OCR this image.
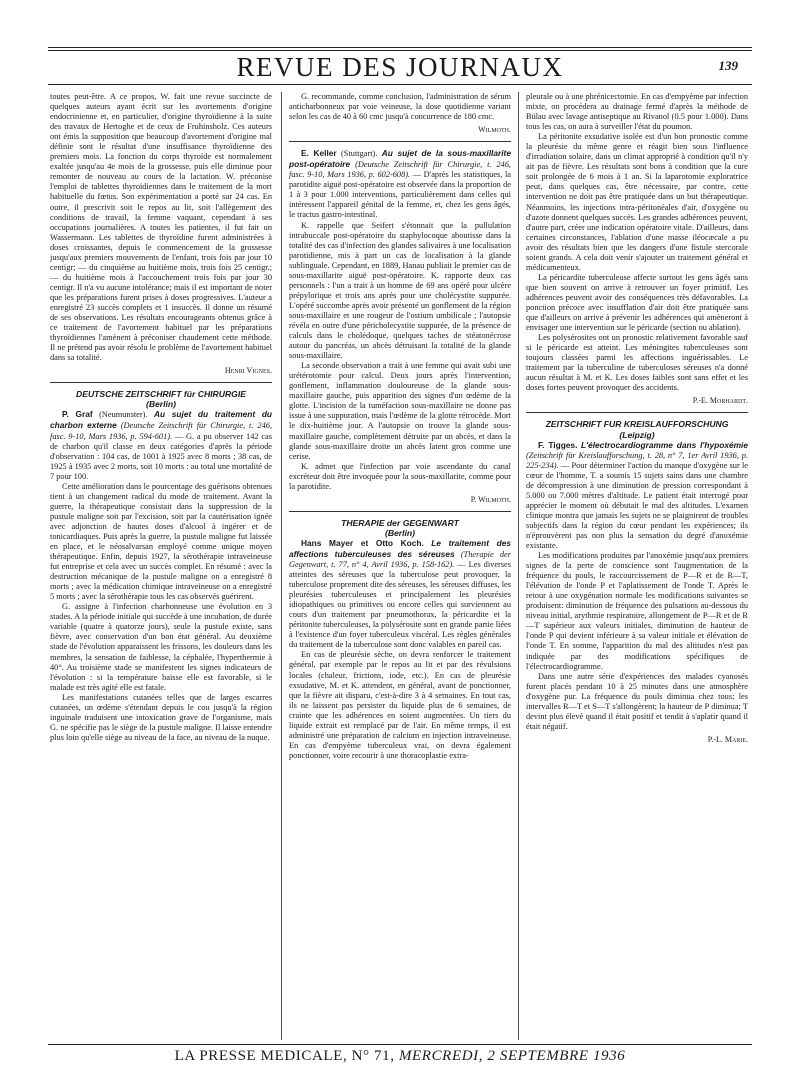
REVUE DES JOURNAUX	139

toutes peut-être. A ce propos, W. fait une revue succincte de quelques auteurs ayant écrit sur les avortements d'origine endocrinienne et, en particulier, d'origine thyroïdienne à la suite des travaux de Hertoghe et de ceux de Fruhinsholz. Ces auteurs ont émis la supposition que beaucoup d'avortement d'origine mal définie sont le résultat d'une insuffisance thyroïdienne des premiers mois. La fonction du corps thyroïde est normalement exaltée jusqu'au 4e mois de la grossesse, puis elle diminue pour remonter de nouveau au cours de la lactation. W. préconise l'emploi de tablettes thyroïdiennes dans le traitement de la mort habituelle du fœtus. Son expérimentation a porté sur 24 cas. En outre, il prescrivit soit le repos au lit, soit l'allègement des conditions de travail, la femme vaquant, cependant à ses occupations journalières. A toutes les patientes, il fut fait un Wassermann. Les tablettes de thyroïdine furent administrées à doses croissantes, depuis le commencement de la grossesse jusqu'aux premiers mouvements de l'enfant, trois fois par jour 10 centigr; — du cinquième au huitième mois, trois fois 25 centigr.; — du huitième mois à l'accouchement trois fois par jour 30 centigr. Il n'a vu aucune intolérance; mais il est important de noter que les préparations furent prises à doses progressives. L'auteur a enregistré 23 succès complets et 1 insuccès. Il donne un résumé de ses observations. Les résultats encourageants obtenus grâce à ce traitement de l'avortement habituel par les préparations thyroïdiennes l'amènent à préconiser chaudement cette méthode. Il ne prétend pas avoir résolu le problème de l'avortement habituel dans sa totalité.

Henri Vignes.

DEUTSCHE ZEITSCHRIFT für CHIRURGIE

(Berlin)

P. Graf (Neumunster). Au sujet du traitement du charbon externe (Deutsche Zeitschrift für Chirurgie, t. 246, fasc. 9-10, Mars 1936, p. 594-601). — G. a pu observer 142 cas de charbon qu'il classe en deux catégories d'après la période d'observation : 104 cas, de 1001 à 1925 avec 8 morts ; 38 cas, de 1925 à 1935 avec 2 morts, soit 10 morts : au total une mortalité de 7 pour 100.

Cette amélioration dans le pourcentage des guérisons obtenues tient à un changement radical du mode de traitement. Avant la guerre, la thérapeutique consistait dans la suppression de la pustule maligne soit par l'excision, soit par la cautérisation ignée avec adjonction de hautes doses d'alcool à ingérer et de tonicardiaques. Puis après la guerre, la pustule maligne fut laissée en place, et le néosalvarsan employé comme unique moyen thérapeutique. Enfin, depuis 1927, la sérothérapie intraveineuse fut entreprise et cela avec un succès complet. En résumé : avec la destruction mécanique de la pustule maligne on a enregistré 8 morts ; avec la médication chimique intraveineuse on a enregistré 5 morts ; avec la sérothérapie tous les cas observés guérirent.

G. assigne à l'infection charbonneuse une évolution en 3 stades. A la période initiale qui succède à une incubation, de durée variable (quatre à quatorze jours), seule la pustule existe, sans fièvre, avec conservation d'un bon état général. Au deuxième stade de l'évolution apparaissent les frissons, les douleurs dans les membres, la sensation de faiblesse, la céphalée, l'hyperthermie à 40°. Au troisième stade se manifestent les signes indicateurs de l'évolution : si la température baisse elle est favorable, si le malade est très agité elle est fatale.

Les manifestations cutanées telles que de larges escarres cutanées, un œdème s'étendant depuis le cou jusqu'à la région inguinale traduisent une intoxication grave de l'organisme, mais G. ne spécifie pas le siège de la pustule maligne. Il laisse entendre plus loin qu'elle siège au niveau de la face, au niveau de la nuque.

G. recommande, comme conclusion, l'administration de sérum anticharbonneux par voie veineuse, la dose quotidienne variant selon les cas de 40 à 60 cmc jusqu'à concurrence de 180 cmc.

Wilmoth.

E. Keller (Stuttgart). Au sujet de la sous-maxillarite post-opératoire (Deutsche Zeitschrift für Chirurgie, t. 246, fasc. 9-10, Mars 1936, p. 602-608). — D'après les statistiques, la parotidite aiguë post-opératoire est observée dans la proportion de 1 à 3 pour 1.000 interventions, particulièrement dans celles qui intéressent l'appareil génital de la femme, et, chez les gens âgés, le tractus gastro-intestinal.

K. rappelle que Seifert s'étonnait que la pullulation intrabuccale post-opératoire du staphylocoque aboutisse dans la totalité des cas d'infection des glandes salivaires à une localisation parotidienne, mis à part un cas de localisation à la glande sublinguale. Cependant, en 1889, Hanau publiait le premier cas de sous-maxillarite aiguë post-opératoire. K. rapporte deux cas personnels : l'un a trait à un homme de 69 ans opéré pour ulcère prépylorique et trois ans après pour une cholécystite suppurée. L'opéré succombe après avoir présenté un gonflement de la région sous-maxillaire et une rougeur de l'ostium umbilicale ; l'autopsie révéla en outre d'une péricholecystite suppurée, de la présence de calculs dans le cholédoque, quelques taches de stéatonécrose autour du pancréas, un abcès détruisant la totalité de la glande sous-maxillaire.

La seconde observation a trait à une femme qui avait subi une urétérotomie pour calcul. Deux jours après l'intervention, gonflement, inflammation douloureuse de la glande sous-maxillaire gauche, puis apparition des signes d'un œdème de la glotte. L'incision de la tuméfaction sous-maxillaire ne donne pas issue à une suppuration, mais l'œdème de la glotte rétrocède. Mort le dix-huitième jour. A l'autopsie on trouve la glande sous-maxillaire gauche, complètement détruite par un abcès, et dans la glande sous-maxillaire droite un abcès latent gros comme une cerise.

K. admet que l'infection par voie ascendante du canal excréteur doit être invoquée pour la sous-maxillarite, comme pour la parotidite.

P. Wilmoth.

THERAPIE der GEGENWART

(Berlin)

Hans Mayer et Otto Koch. Le traitement des affections tuberculeuses des séreuses (Therapie der Gegenwart, t. 77, n° 4, Avril 1936, p. 158-162). — Les diverses atteintes des séreuses que la tuberculose peut provoquer, la tuberculose proprement dite des séreuses, les séreuses diffuses, les pleurésies tuberculeuses et principalement les pleurésies idiopathiques ou primitives ou encore celles qui surviennent au cours d'un traitement par pneumothorax, la péricardite et la péritonite tuberculeuses, la polysérosite sont en grande partie liées à l'existence d'un foyer tuberculeux viscéral. Les règles générales du traitement de la tuberculose sont donc valables en pareil cas.

En cas de pleurésie sèche, on devra renforcer le traitement général, par exemple par le repos au lit et par des révulsions locales (chaleur, frictions, iode, etc.). En cas de pleurésie exsudative, M. et K. attendent, en général, avant de ponctionner, que la fièvre ait disparu, c'est-à-dire 3 à 4 semaines. En tout cas, ils ne laissent pas persister du liquide plus de 6 semaines, de crainte que les adhérences en soient augmentées. Un tiers du liquide extrait est remplacé par de l'air. En même temps, il est administré une préparation de calcium en injection intraveineuse. En cas d'empyème tuberculeux vrai, on devra également ponctionner, voire recourir à une thoracoplastie extra-

pleurale ou à une phrénicectomie. En cas d'empyème par infection mixte, on procédera au drainage fermé d'après la méthode de Bülau avec lavage antiseptique au Rivanol (0.5 pour 1.000). Dans tous les cas, on aura à surveiller l'état du poumon.

La péritonite exsudative isolée est d'un bon pronostic comme la pleurésie du même genre et réagit bien sous l'influence d'irradiation solaire, dans un climat approprié à condition qu'il n'y ait pas de fièvre. Les résultats sont bons à condition que la cure soit prolongée de 6 mois à 1 an. Si la laparotomie exploratrice peut, dans quelques cas, être nécessaire, par contre, cette intervention ne doit pas être pratiquée dans un but thérapeutique. Néanmoins, les injections intra-péritonéales d'air, d'oxygène ou d'azote donnent quelques succès. Les grandes adhérences peuvent, d'autre part, créer une indication opératoire vitale. D'ailleurs, dans certaines circonstances, l'ablation d'une masse iléocæcale a pu avoir des résultats bien que les dangers d'une fistule stercorale soient grands. A cela doit venir s'ajouter un traitement général et médicamenteux.

La péricardite tuberculeuse affecte surtout les gens âgés sans que bien souvent on arrive à retrouver un foyer primitif. Les adhérences peuvent avoir des conséquences très défavorables. La ponction précoce avec insufflation d'air doit être pratiquée sans que d'ailleurs on arrive à prévenir les adhérences qui amèneront à envisager une intervention sur le péricarde (section ou ablation).

Les polysérosites ont un pronostic relativement favorable sauf si le péricarde est atteint. Les méningites tuberculeuses sont toujours classées parmi les affections inguérissables. Le traitement par la tuberculine de tuberculoses séreuses n'a donné aucun résultat à M. et K. Les doses faibles sont sans effet et les doses fortes peuvent provoquer des accidents.

P.-E. Morhardt.

ZEITSCHRIFT FUR KREISLAUFFORSCHUNG

(Leipzig)

F. Tigges. L'électrocardiogramme dans l'hypoxémie (Zeitschrift für Kreislaufforschung, t. 28, n° 7, 1er Avril 1936, p. 225-234). — Pour déterminer l'action du manque d'oxygène sur le cœur de l'homme, T. a soumis 15 sujets sains dans une chambre de décompression à une diminution de pression correspondant à 5.000 ou 7.000 mètres d'altitude. Le patient était interrogé pour apprécier le moment où débutait le mal des altitudes. L'examen clinique montra que jamais les sujets ne se plaignirent de troubles subjectifs dans la région du cœur pendant les expériences; ils n'éprouvèrent pas non plus la sensation du degré d'anoxémie existante.

Les modifications produites par l'anoxémie jusqu'aux premiers signes de la perte de conscience sont l'augmentation de la fréquence du pouls, le raccourcissement de P—R et de R—T, l'élévation de l'onde P et l'aplatissement de l'onde T. Après le retour à une oxygénation normale les modifications suivantes se produisent: diminution de fréquence des pulsations au-dessous du niveau initial, arythmie respiratoire, allongement de P—R et de R—T supérieur aux valeurs initiales, diminution de hauteur de l'onde P qui devient inférieure à sa valeur initiale et élévation de l'onde T. En somme, l'apparition du mal des altitudes n'est pas indiquée par des modifications spécifiques de l'électrocardiogramme.

Dans une autre série d'expériences des malades cyanosés furent placés pendant 10 à 25 minutes dans une atmosphère d'oxygène pur. La fréquence du pouls diminua chez tous; les intervalles R—T et S—T s'allongèrent; la hauteur de P diminua; T devint plus élevé quand il était positif et tendit à s'aplatir quand il était négatif.

P.-L. Marie.

LA PRESSE MEDICALE, N° 71, MERCREDI, 2 SEPTEMBRE 1936
